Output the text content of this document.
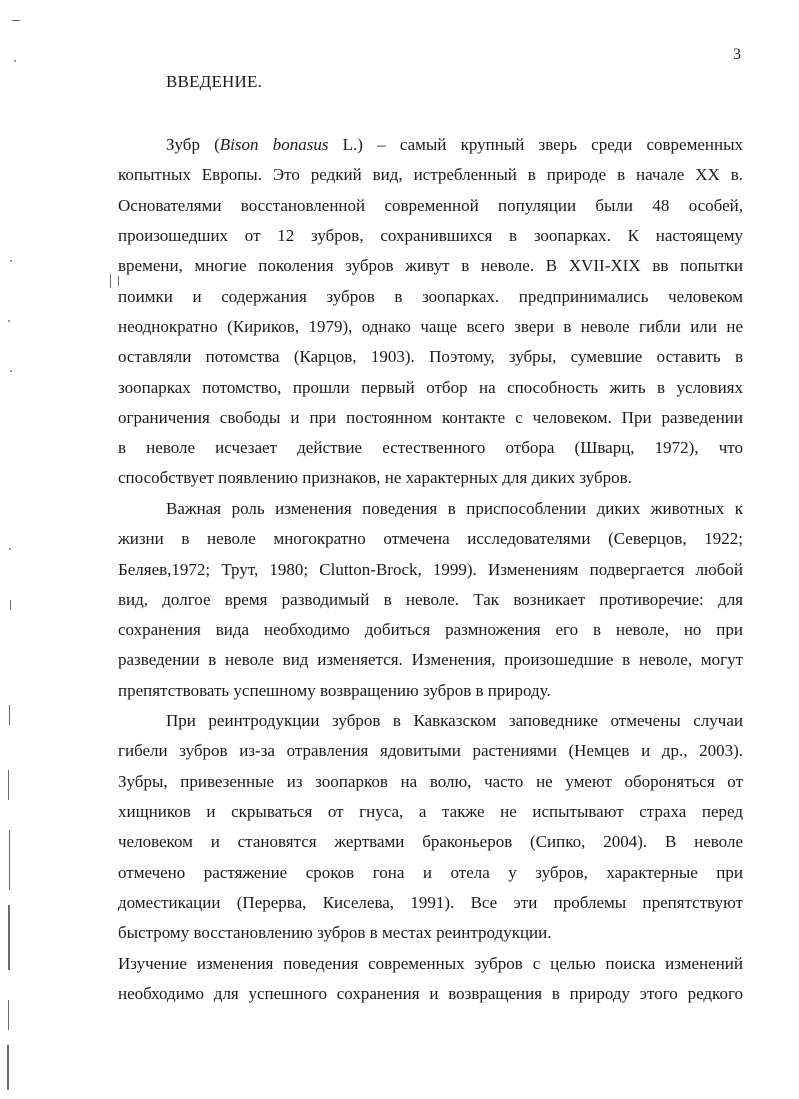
3
ВВЕДЕНИЕ.
Зубр (Bison bonasus L.) – самый крупный зверь среди современных
копытных Европы. Это редкий вид, истребленный в природе в начале XX в.
Основателями восстановленной современной популяции были 48 особей,
произошедших от 12 зубров, сохранившихся в зоопарках. К настоящему
времени, многие поколения зубров живут в неволе. В XVII-XIX вв попытки
поимки и содержания зубров в зоопарках. предпринимались человеком
неоднократно (Кириков, 1979), однако чаще всего звери в неволе гибли или не
оставляли потомства (Карцов, 1903). Поэтому, зубры, сумевшие оставить в
зоопарках потомство, прошли первый отбор на способность жить в условиях
ограничения свободы и при постоянном контакте с человеком. При разведении
в неволе исчезает действие естественного отбора (Шварц, 1972), что
способствует появлению признаков, не характерных для диких зубров.
Важная роль изменения поведения в приспособлении диких животных к
жизни в неволе многократно отмечена исследователями (Северцов, 1922;
Беляев,1972; Трут, 1980; Clutton-Brock, 1999). Изменениям подвергается любой
вид, долгое время разводимый в неволе. Так возникает противоречие: для
сохранения вида необходимо добиться размножения его в неволе, но при
разведении в неволе вид изменяется. Изменения, произошедшие в неволе, могут
препятствовать успешному возвращению зубров в природу.
При реинтродукции зубров в Кавказском заповеднике отмечены случаи
гибели зубров из-за отравления ядовитыми растениями (Немцев и др., 2003).
Зубры, привезенные из зоопарков на волю, часто не умеют обороняться от
хищников и скрываться от гнуса, а также не испытывают страха перед
человеком и становятся жертвами браконьеров (Сипко, 2004). В неволе
отмечено растяжение сроков гона и отела у зубров, характерные при
доместикации (Перерва, Киселева, 1991). Все эти проблемы препятствуют
быстрому восстановлению зубров в местах реинтродукции.
Изучение изменения поведения современных зубров с целью поиска изменений
необходимо для успешного сохранения и возвращения в природу этого редкого
